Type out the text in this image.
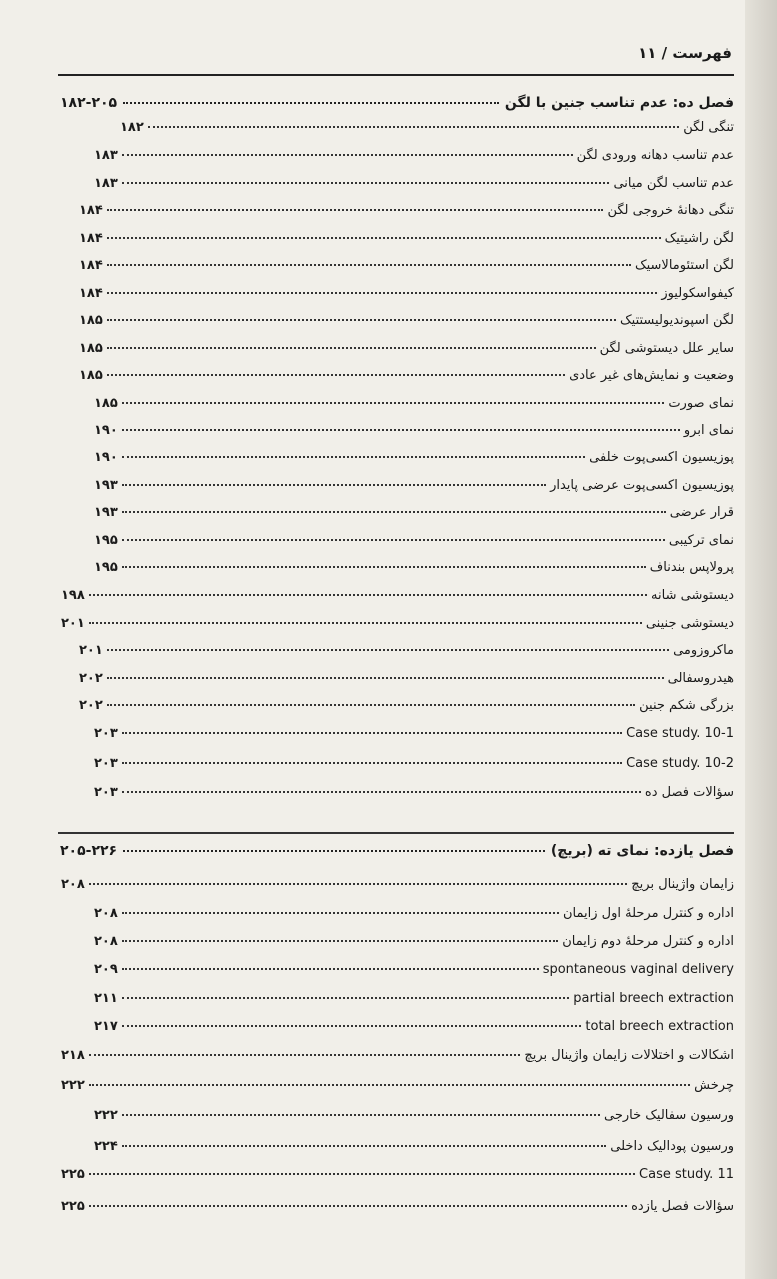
فهرست / ۱۱
فصل ده: عدم تناسب جنین با لگن
۱۸۲-۲۰۵
تنگی لگن
۱۸۲
عدم تناسب دهانه ورودی لگن
۱۸۳
عدم تناسب لگن میانی
۱۸۳
تنگی دهانهٔ خروجی لگن
۱۸۴
لگن راشیتیک
۱۸۴
لگن استئومالاسیک
۱۸۴
کیفواسکولیوز
۱۸۴
لگن اسپوندیولیستتیک
۱۸۵
سایر علل دیستوشی لگن
۱۸۵
وضعیت و نمایش‌های غیر عادی
۱۸۵
نمای صورت
۱۸۵
نمای ابرو
۱۹۰
پوزیسیون اکسی‌پوت خلفی
۱۹۰
پوزیسیون اکسی‌پوت عرضی پایدار
۱۹۳
قرار عرضی
۱۹۳
نمای ترکیبی
۱۹۵
پرولاپس بندناف
۱۹۵
دیستوشی شانه
۱۹۸
دیستوشی جنینی
۲۰۱
ماکروزومی
۲۰۱
هیدروسفالی
۲۰۲
بزرگی شکم جنین
۲۰۲
Case study. 10-1
۲۰۳
Case study. 10-2
۲۰۳
سؤالات فصل ده
۲۰۳
فصل یازده: نمای ته (بریچ)
۲۰۵-۲۲۶
زایمان واژینال بریچ
۲۰۸
اداره و کنترل مرحلهٔ اول زایمان
۲۰۸
اداره و کنترل مرحلهٔ دوم زایمان
۲۰۸
spontaneous vaginal delivery
۲۰۹
partial breech extraction
۲۱۱
total breech extraction
۲۱۷
اشکالات و اختلالات زایمان واژینال بریچ
۲۱۸
چرخش
۲۲۲
ورسیون سفالیک خارجی
۲۲۲
ورسیون پودالیک داخلی
۲۲۴
Case study. 11
۲۲۵
سؤالات فصل یازده
۲۲۵
